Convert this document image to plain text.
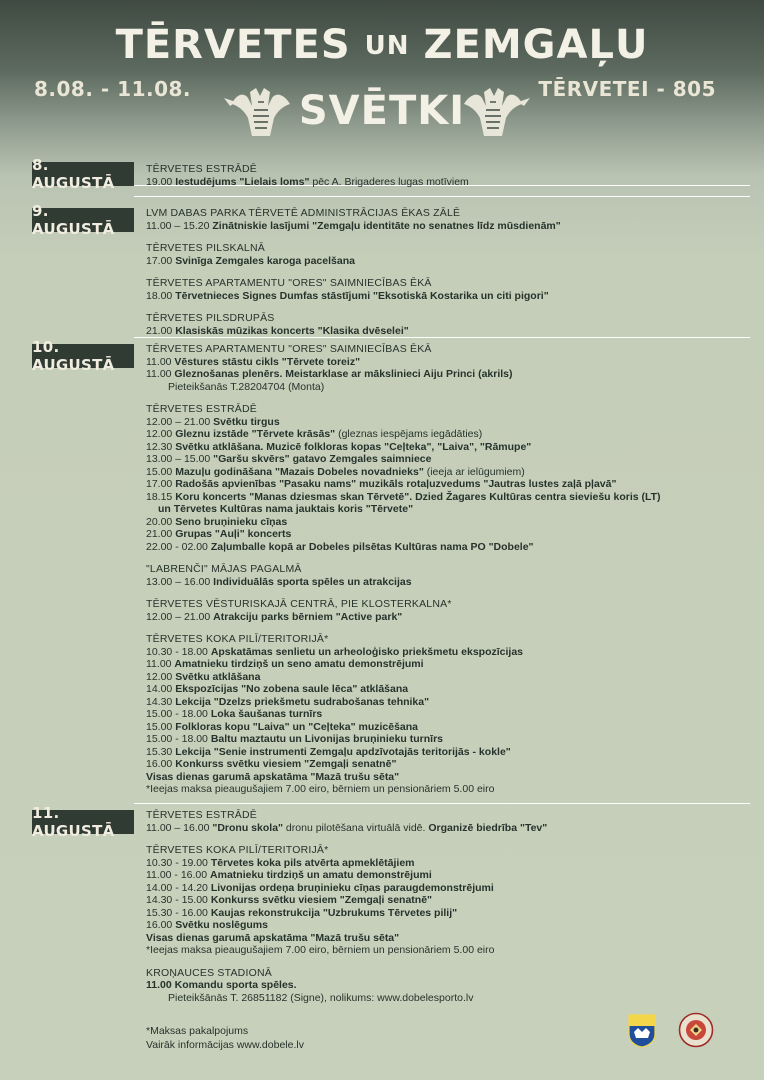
TĒRVETES UN ZEMGAĻU
SVĒTKI
8.08. - 11.08.	TĒRVETEI - 805
8. AUGUSTĀ
TĒRVETES ESTRĀDĒ
19.00 Iestudējums "Lielais loms" pēc A. Brigaderes lugas motīviem
9. AUGUSTĀ
LVM DABAS PARKA TĒRVETĒ ADMINISTRĀCIJAS ĒKAS ZĀLĒ
11.00 – 15.20 Zinātniskie lasījumi "Zemgaļu identitāte no senatnes līdz mūsdienām"
TĒRVETES PILSKALNĀ
17.00 Svinīga Zemgales karoga pacelšana
TĒRVETES APARTAMENTU "ORES" SAIMNIECĪBAS ĒKĀ
18.00 Tērvetnieces Signes Dumfas stāstījumi "Eksotiskā Kostarika un citi pigori"
TĒRVETES PILSDRUPĀS
21.00 Klasiskās mūzikas koncerts "Klasika dvēselei"
10. AUGUSTĀ
TĒRVETES APARTAMENTU "ORES" SAIMNIECĪBAS ĒKĀ
11.00 Vēstures stāstu cikls "Tērvete toreiz"
11.00 Gleznošanas plenērs. Meistarklase ar mākslinieci Aiju Princi (akrils)
Pieteikšanās T.28204704 (Monta)
TĒRVETES ESTRĀDĒ
12.00 – 21.00 Svētku tirgus
12.00 Gleznu izstāde "Tērvete krāsās" (gleznas iespējams iegādāties)
12.30 Svētku atklāšana. Muzicē folkloras kopas "Ceļteka", "Laiva", "Rāmupe"
13.00 – 15.00 "Garšu skvērs" gatavo Zemgales saimniece
15.00 Mazuļu godināšana "Mazais Dobeles novadnieks" (ieeja ar ielūgumiem)
17.00 Radošās apvienības "Pasaku nams" muzikāls rotaļuzvedums "Jautras lustes zaļā pļavā"
18.15 Koru koncerts "Manas dziesmas skan Tērvetē". Dzied Žagares Kultūras centra sieviešu koris (LT)
un Tērvetes Kultūras nama jauktais koris "Tērvete"
20.00 Seno bruņinieku cīņas
21.00 Grupas "Auļi" koncerts
22.00 - 02.00 Zaļumballe kopā ar Dobeles pilsētas Kultūras nama PO "Dobele"
"LABRENČI" MĀJAS PAGALMĀ
13.00 – 16.00 Individuālās sporta spēles un atrakcijas
TĒRVETES VĒSTURISKAJĀ CENTRĀ, PIE KLOSTERKALNA*
12.00 – 21.00 Atrakciju parks bērniem "Active park"
TĒRVETES KOKA PILĪ/TERITORIJĀ*
10.30 - 18.00 Apskatāmas senlietu un arheoloģisko priekšmetu ekspozīcijas
11.00 Amatnieku tirdziņš un seno amatu demonstrējumi
12.00 Svētku atklāšana
14.00 Ekspozīcijas "No zobena saule lēca" atklāšana
14.30 Lekcija "Dzelzs priekšmetu sudrabošanas tehnika"
15.00 - 18.00 Loka šaušanas turnīrs
15.00 Folkloras kopu "Laiva" un "Ceļteka" muzicēšana
15.00 - 18.00 Baltu maztautu un Livonijas bruņinieku turnīrs
15.30 Lekcija "Senie instrumenti Zemgaļu apdzīvotajās teritorijās - kokle"
16.00 Konkurss svētku viesiem "Zemgaļi senatnē"
Visas dienas garumā apskatāma "Mazā trušu sēta"
*Ieejas maksa pieaugušajiem 7.00 eiro, bērniem un pensionāriem 5.00 eiro
11. AUGUSTĀ
TĒRVETES ESTRĀDĒ
11.00 – 16.00 "Dronu skola" dronu pilotēšana virtuālā vidē. Organizē biedrība "Tev"
TĒRVETES KOKA PILĪ/TERITORIJĀ*
10.30 - 19.00 Tērvetes koka pils atvērta apmeklētājiem
11.00 - 16.00 Amatnieku tirdziņš un amatu demonstrējumi
14.00 - 14.20 Livonijas ordeņa bruņinieku cīņas paraugdemonstrējumi
14.30 - 15.00 Konkurss svētku viesiem "Zemgaļi senatnē"
15.30 - 16.00 Kaujas rekonstrukcija "Uzbrukums Tērvetes pilij"
16.00 Svētku noslēgums
Visas dienas garumā apskatāma "Mazā trušu sēta"
*Ieejas maksa pieaugušajiem 7.00 eiro, bērniem un pensionāriem 5.00 eiro
KROŅAUCES STADIONĀ
11.00 Komandu sporta spēles.
Pieteikšānās T. 26851182 (Signe), nolikums: www.dobelesporto.lv
*Maksas pakalpojums
Vairāk informācijas www.dobele.lv
